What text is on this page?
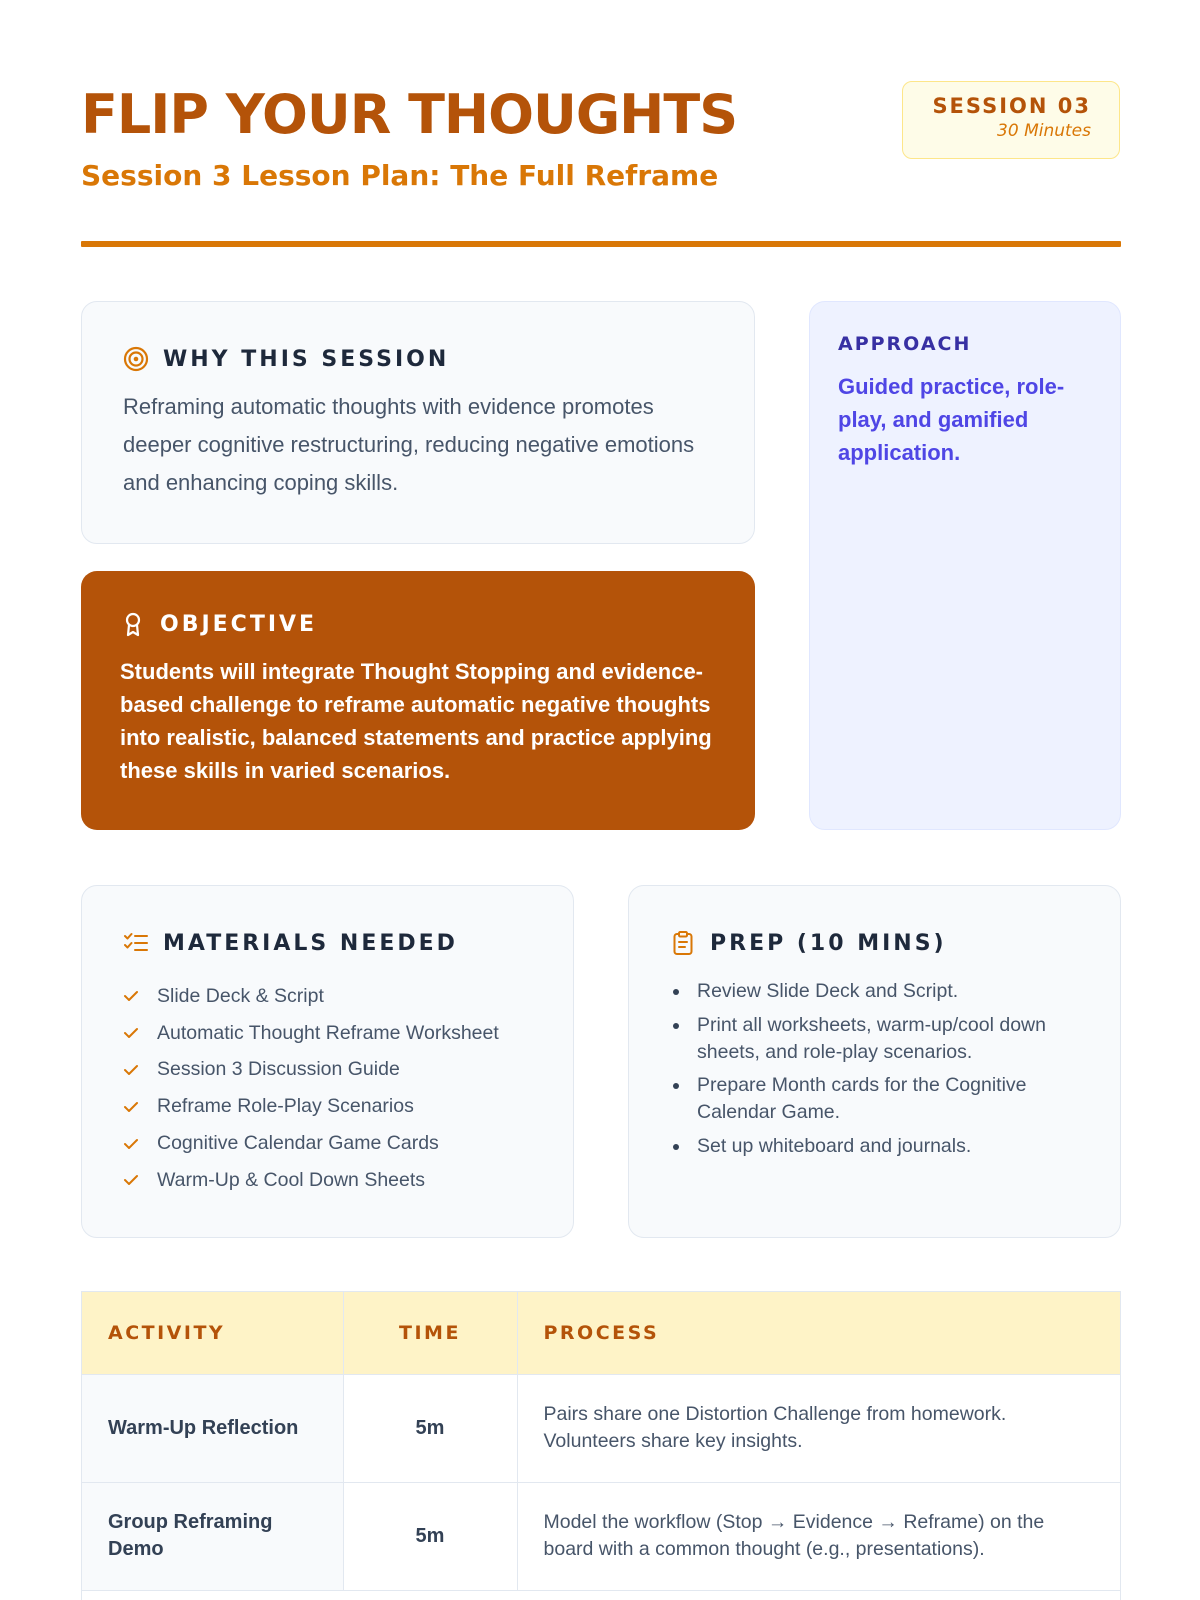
FLIP YOUR THOUGHTS
Session 3 Lesson Plan: The Full Reframe
SESSION 03
30 Minutes
WHY THIS SESSION
Reframing automatic thoughts with evidence promotes deeper cognitive restructuring, reducing negative emotions and enhancing coping skills.
OBJECTIVE
Students will integrate Thought Stopping and evidence-based challenge to reframe automatic negative thoughts into realistic, balanced statements and practice applying these skills in varied scenarios.
APPROACH
Guided practice, role-play, and gamified application.
MATERIALS NEEDED
Slide Deck & Script
Automatic Thought Reframe Worksheet
Session 3 Discussion Guide
Reframe Role-Play Scenarios
Cognitive Calendar Game Cards
Warm-Up & Cool Down Sheets
PREP (10 MINS)
Review Slide Deck and Script.
Print all worksheets, warm-up/cool down sheets, and role-play scenarios.
Prepare Month cards for the Cognitive Calendar Game.
Set up whiteboard and journals.
ACTIVITY	TIME	PROCESS
Warm-Up Reflection	5m	Pairs share one Distortion Challenge from homework. Volunteers share key insights.
Group Reframing Demo	5m	Model the workflow (Stop → Evidence → Reframe) on the board with a common thought (e.g., presentations).
